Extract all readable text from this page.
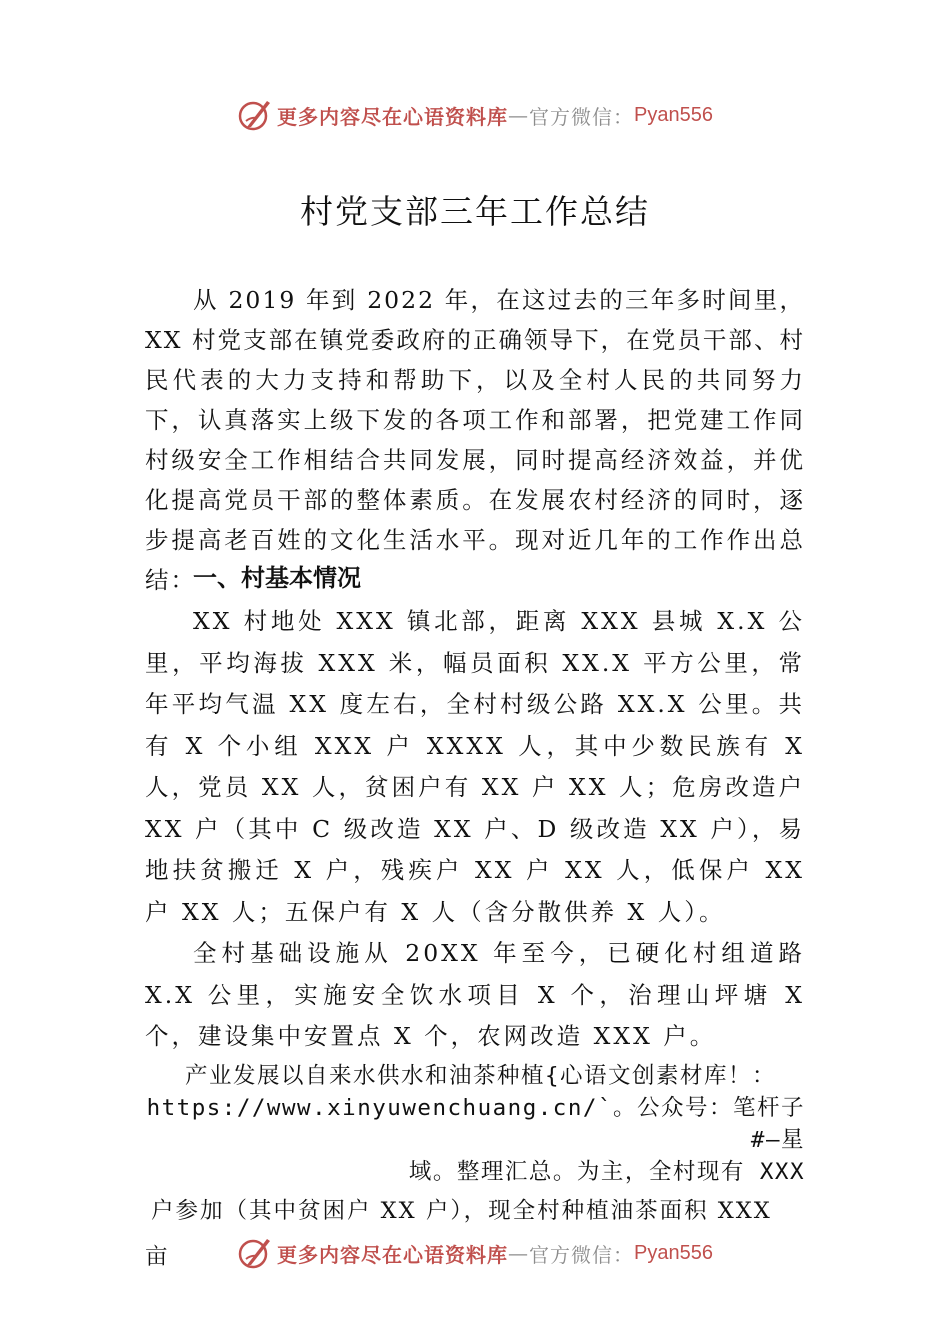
更多内容尽在心语资料库 — 官方微信： Pyan556
村党支部三年工作总结

从 2019 年到 2022 年，在这过去的三年多时间里，XX 村党支部在镇党委政府的正确领导下，在党员干部、村民代表的大力支持和帮助下，以及全村人民的共同努力下，认真落实上级下发的各项工作和部署，把党建工作同村级安全工作相结合共同发展，同时提高经济效益，并优化提高党员干部的整体素质。在发展农村经济的同时，逐步提高老百姓的文化生活水平。现对近几年的工作作出总结：

一、村基本情况

XX 村地处 XXX 镇北部，距离 XXX 县城 X.X 公里，平均海拔 XXX 米，幅员面积 XX.X 平方公里，常年平均气温 XX 度左右，全村村级公路 XX.X 公里。共有 X 个小组 XXX 户 XXXX 人，其中少数民族有 X 人，党员 XX 人，贫困户有 XX 户 XX 人；危房改造户 XX 户（其中 C 级改造 XX 户、D 级改造 XX 户），易地扶贫搬迁 X 户，残疾户 XX 户 XX 人，低保户 XX 户 XX 人；五保户有 X 人（含分散供养 X 人）。

全村基础设施从 20XX 年至今，已硬化村组道路 X.X 公里，实施安全饮水项目 X 个，治理山坪塘 X 个，建设集中安置点 X 个，农网改造 XXX 户。

产业发展以自来水供水和油茶种植{心语文创素材库！：
https://www.xinyuwenchuang.cn/`。公众号：笔杆子#—星
域。整理汇总。为主，全村现有 XXX
户参加（其中贫困户 XX 户），现全村种植油茶面积 XXX 亩	更多内容尽在心语资料库 — 官方微信： Pyan556
